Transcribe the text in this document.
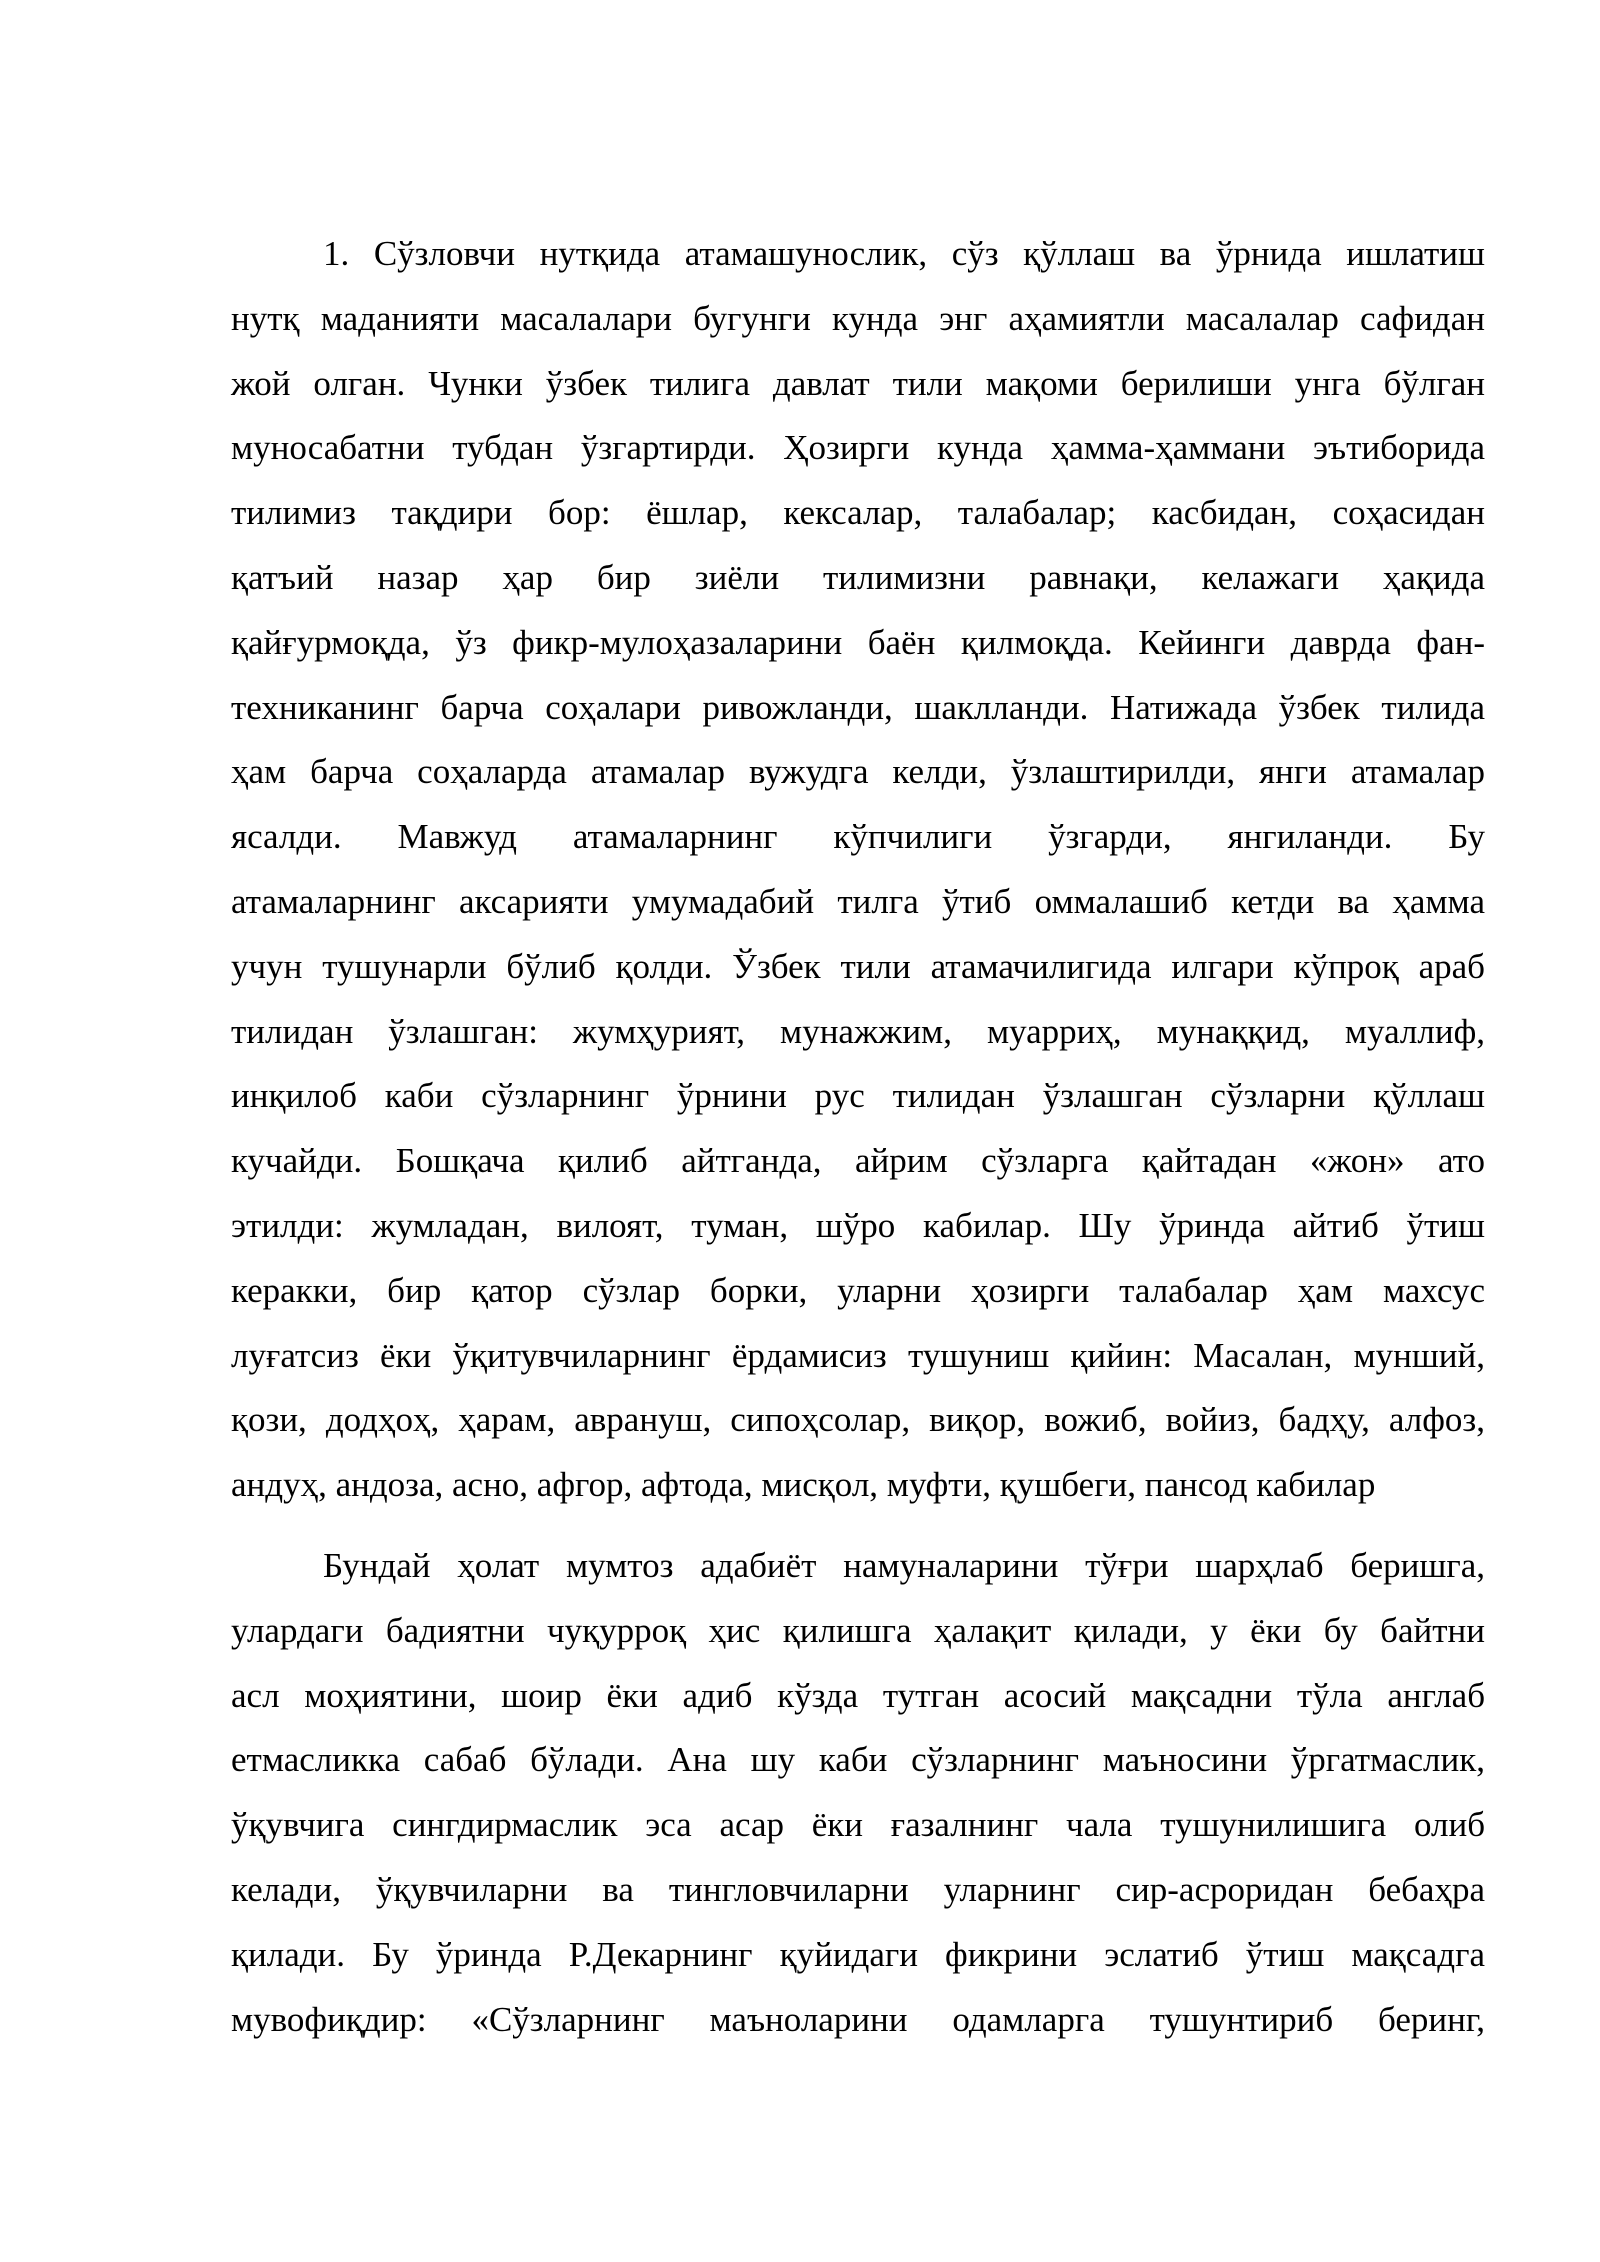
1. Сўзловчи нутқида атамашунослик, сўз қўллаш ва ўрнида ишлатиш
нутқ маданияти масалалари бугунги кунда энг аҳамиятли масалалар сафидан
жой олган. Чунки ўзбек тилига давлат тили мақоми берилиши унга бўлган
муносабатни тубдан ўзгартирди. Ҳозирги кунда ҳамма-ҳаммани эътиборида
тилимиз тақдири бор: ёшлар, кексалар, талабалар; касбидан, соҳасидан
қатъий назар ҳар бир зиёли тилимизни равнақи, келажаги ҳақида
қайғурмоқда, ўз фикр-мулоҳазаларини баён қилмоқда. Кейинги даврда фан-
техниканинг барча соҳалари ривожланди, шаклланди. Натижада ўзбек тилида
ҳам барча соҳаларда атамалар вужудга келди, ўзлаштирилди, янги атамалар
ясалди. Мавжуд атамаларнинг кўпчилиги ўзгарди, янгиланди. Бу
атамаларнинг аксарияти умумадабий тилга ўтиб оммалашиб кетди ва ҳамма
учун тушунарли бўлиб қолди. Ўзбек тили атамачилигида илгари кўпроқ араб
тилидан ўзлашган: жумҳурият, мунажжим, муарриҳ, мунаққид, муаллиф,
инқилоб каби сўзларнинг ўрнини рус тилидан ўзлашган сўзларни қўллаш
кучайди. Бошқача қилиб айтганда, айрим сўзларга қайтадан «жон» ато
этилди: жумладан, вилоят, туман, шўро кабилар. Шу ўринда айтиб ўтиш
керакки, бир қатор сўзлар борки, уларни ҳозирги талабалар ҳам махсус
луғатсиз ёки ўқитувчиларнинг ёрдамисиз тушуниш қийин: Масалан, мунший,
қози, додҳоҳ, ҳарам, аврануш, сипоҳсолар, виқор, вожиб, войиз, бадҳу, алфоз,
андуҳ, андоза, асно, афгор, афтода, мисқол, муфти, қушбеги, пансод кабилар
Бундай ҳолат мумтоз адабиёт намуналарини тўғри шарҳлаб беришга,
улардаги бадиятни чуқурроқ ҳис қилишга ҳалақит қилади, у ёки бу байтни
асл моҳиятини, шоир ёки адиб кўзда тутган асосий мақсадни тўла англаб
етмасликка сабаб бўлади. Ана шу каби сўзларнинг маъносини ўргатмаслик,
ўқувчига сингдирмаслик эса асар ёки ғазалнинг чала тушунилишига олиб
келади, ўқувчиларни ва тингловчиларни уларнинг сир-асроридан бебаҳра
қилади. Бу ўринда Р.Декарнинг қуйидаги фикрини эслатиб ўтиш мақсадга
мувофиқдир: «Сўзларнинг маъноларини одамларга тушунтириб беринг,
